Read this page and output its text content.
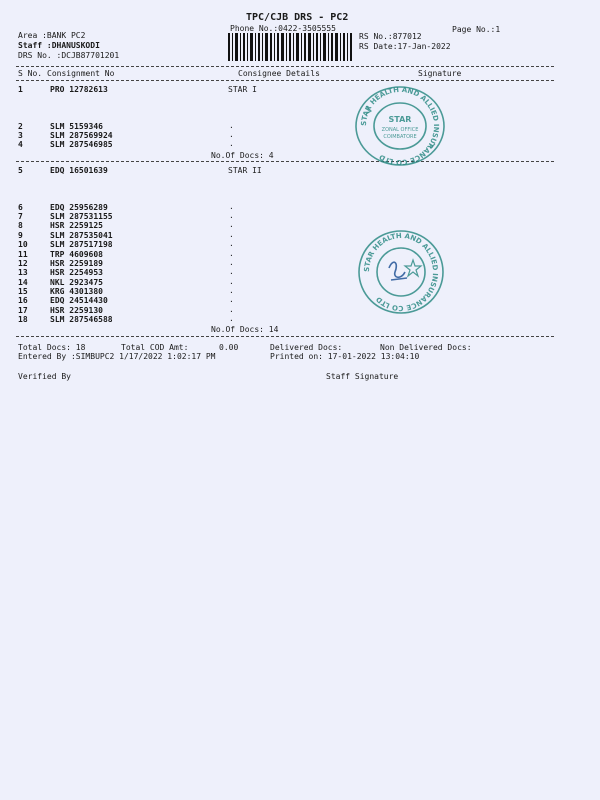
TPC/CJB DRS - PC2
Phone No.:0422-3505555	Page No.:1
Area :BANK PC2
Staff :DHANUSKODI
DRS No. :DCJB87701201
RS No.:877012
RS Date:17-Jan-2022
S No. Consignment No	Consignee Details	Signature
1	PRO 12782613	STAR I
2	SLM 5159346	.
3	SLM 287569924	.
4	SLM 287546985	.
No.Of Docs: 4
5	EDQ 16501639	STAR II
6	EDQ 25956289	.
7	SLM 287531155	.
8	HSR 2259125	.
9	SLM 287535041	.
10	SLM 287517198	.
11	TRP 4609608	.
12	HSR 2259189	.
13	HSR 2254953	.
14	NKL 2923475	.
15	KRG 4301380	.
16	EDQ 24514430	.
17	HSR 2259130	.
18	SLM 287546588	.
No.Of Docs: 14
Total Docs: 18	Total COD Amt:	0.00	Delivered Docs:	Non Delivered Docs:
Entered By :SIMBUPC2 1/17/2022 1:02:17 PM	Printed on: 17-01-2022 13:04:10
Verified By	Staff Signature
STAR HEALTH AND ALLIED INSURANCE CO LTD
STAR
ZONAL OFFICE
COIMBATORE
STAR HEALTH AND ALLIED INSURANCE CO LTD
